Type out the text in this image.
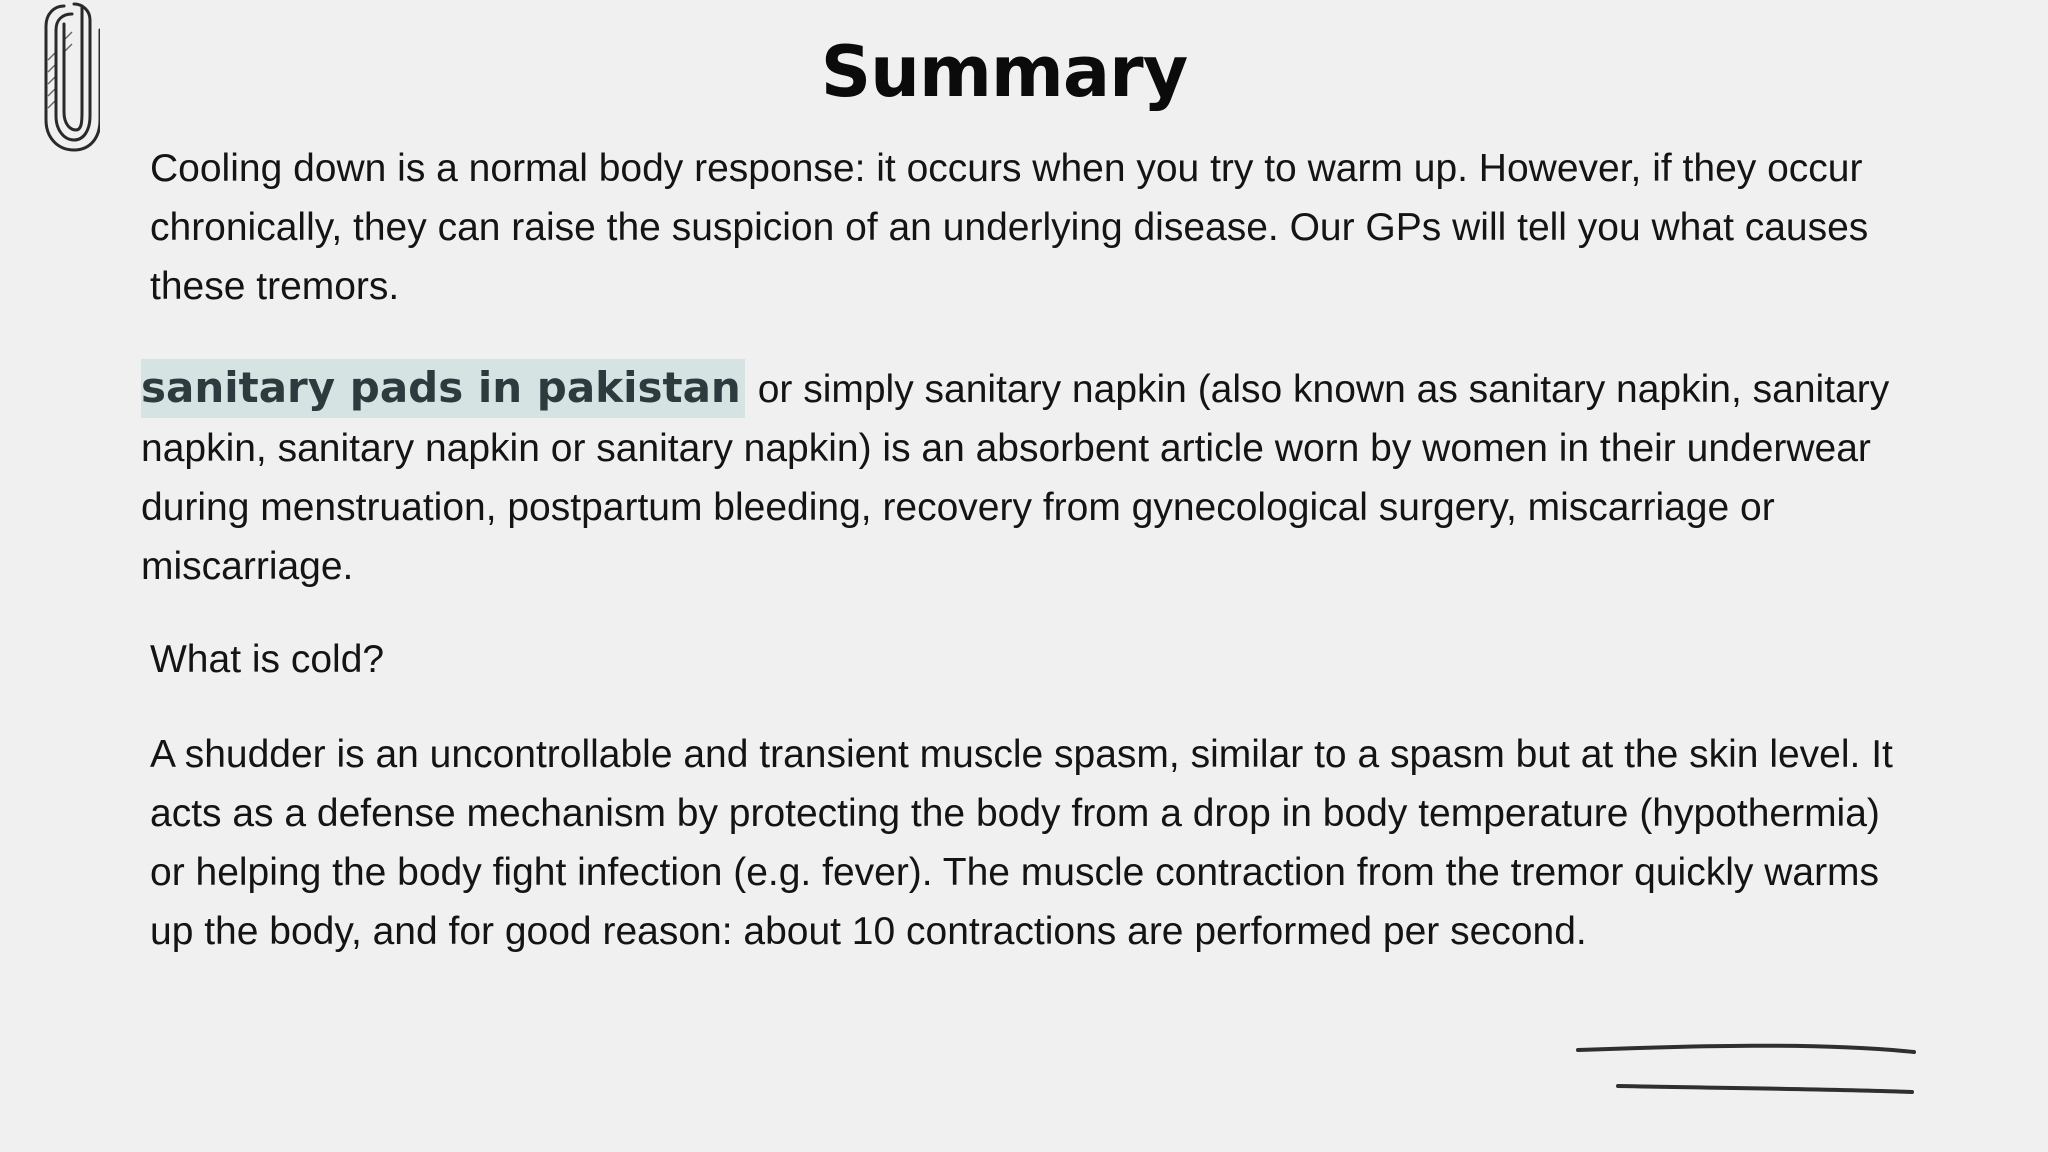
Summary

Cooling down is a normal body response: it occurs when you try to warm up. However, if they occur chronically, they can raise the suspicion of an underlying disease. Our GPs will tell you what causes these tremors.

sanitary pads in pakistan or simply sanitary napkin (also known as sanitary napkin, sanitary napkin, sanitary napkin or sanitary napkin) is an absorbent article worn by women in their underwear during menstruation, postpartum bleeding, recovery from gynecological surgery, miscarriage or miscarriage.

What is cold?

A shudder is an uncontrollable and transient muscle spasm, similar to a spasm but at the skin level. It acts as a defense mechanism by protecting the body from a drop in body temperature (hypothermia) or helping the body fight infection (e.g. fever). The muscle contraction from the tremor quickly warms up the body, and for good reason: about 10 contractions are performed per second.
